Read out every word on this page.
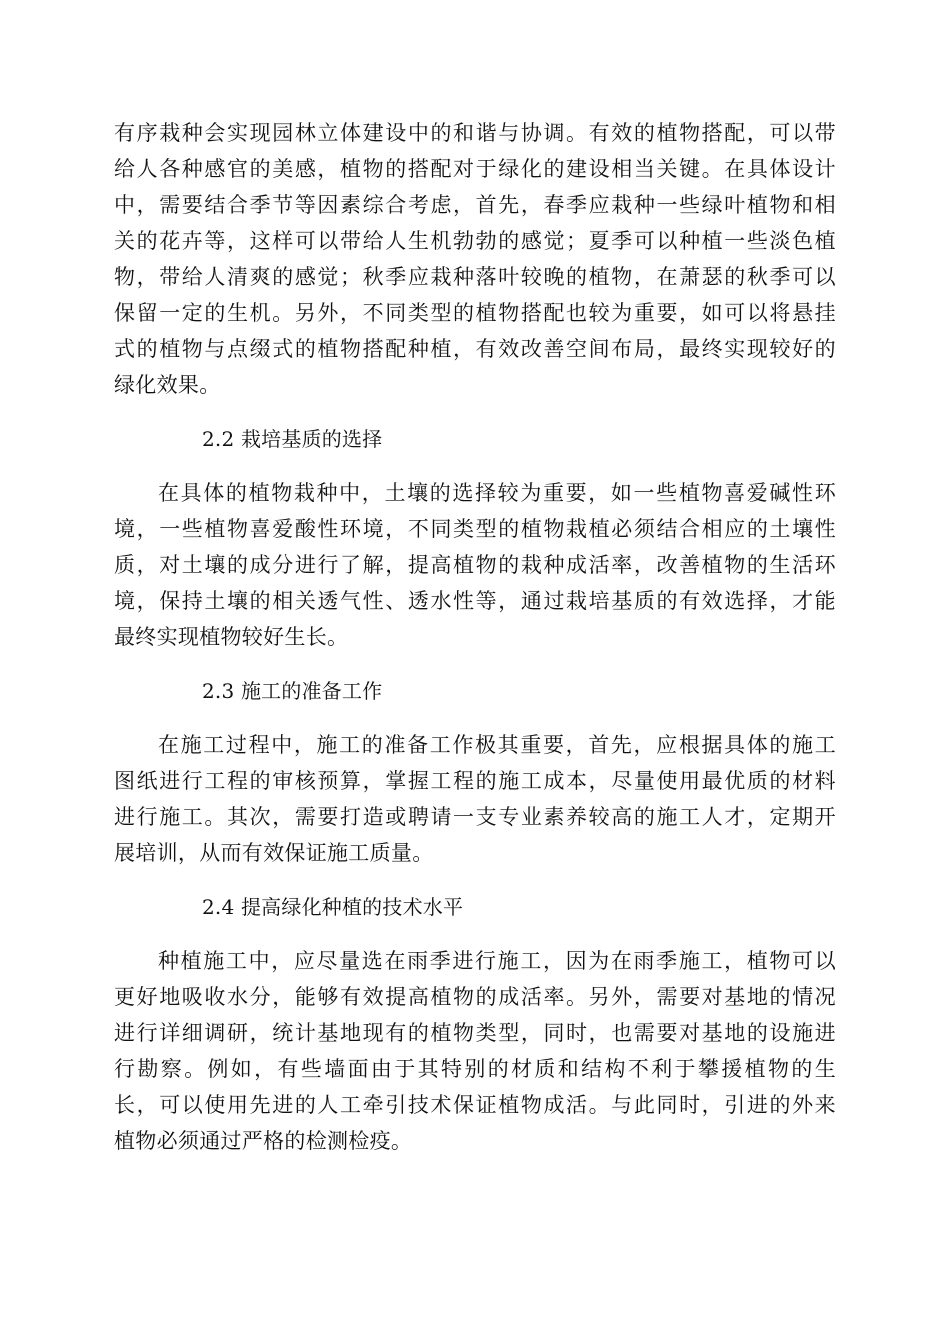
有序栽种会实现园林立体建设中的和谐与协调。有效的植物搭配，可以带
给人各种感官的美感，植物的搭配对于绿化的建设相当关键。在具体设计
中，需要结合季节等因素综合考虑，首先，春季应栽种一些绿叶植物和相
关的花卉等，这样可以带给人生机勃勃的感觉；夏季可以种植一些淡色植
物，带给人清爽的感觉；秋季应栽种落叶较晚的植物，在萧瑟的秋季可以
保留一定的生机。另外，不同类型的植物搭配也较为重要，如可以将悬挂
式的植物与点缀式的植物搭配种植，有效改善空间布局，最终实现较好的
绿化效果。
2.2 栽培基质的选择
在具体的植物栽种中，土壤的选择较为重要，如一些植物喜爱碱性环
境，一些植物喜爱酸性环境，不同类型的植物栽植必须结合相应的土壤性
质，对土壤的成分进行了解，提高植物的栽种成活率，改善植物的生活环
境，保持土壤的相关透气性、透水性等，通过栽培基质的有效选择，才能
最终实现植物较好生长。
2.3 施工的准备工作
在施工过程中，施工的准备工作极其重要，首先，应根据具体的施工
图纸进行工程的审核预算，掌握工程的施工成本，尽量使用最优质的材料
进行施工。其次，需要打造或聘请一支专业素养较高的施工人才，定期开
展培训，从而有效保证施工质量。
2.4 提高绿化种植的技术水平
种植施工中，应尽量选在雨季进行施工，因为在雨季施工，植物可以
更好地吸收水分，能够有效提高植物的成活率。另外，需要对基地的情况
进行详细调研，统计基地现有的植物类型，同时，也需要对基地的设施进
行勘察。例如，有些墙面由于其特别的材质和结构不利于攀援植物的生
长，可以使用先进的人工牵引技术保证植物成活。与此同时，引进的外来
植物必须通过严格的检测检疫。
